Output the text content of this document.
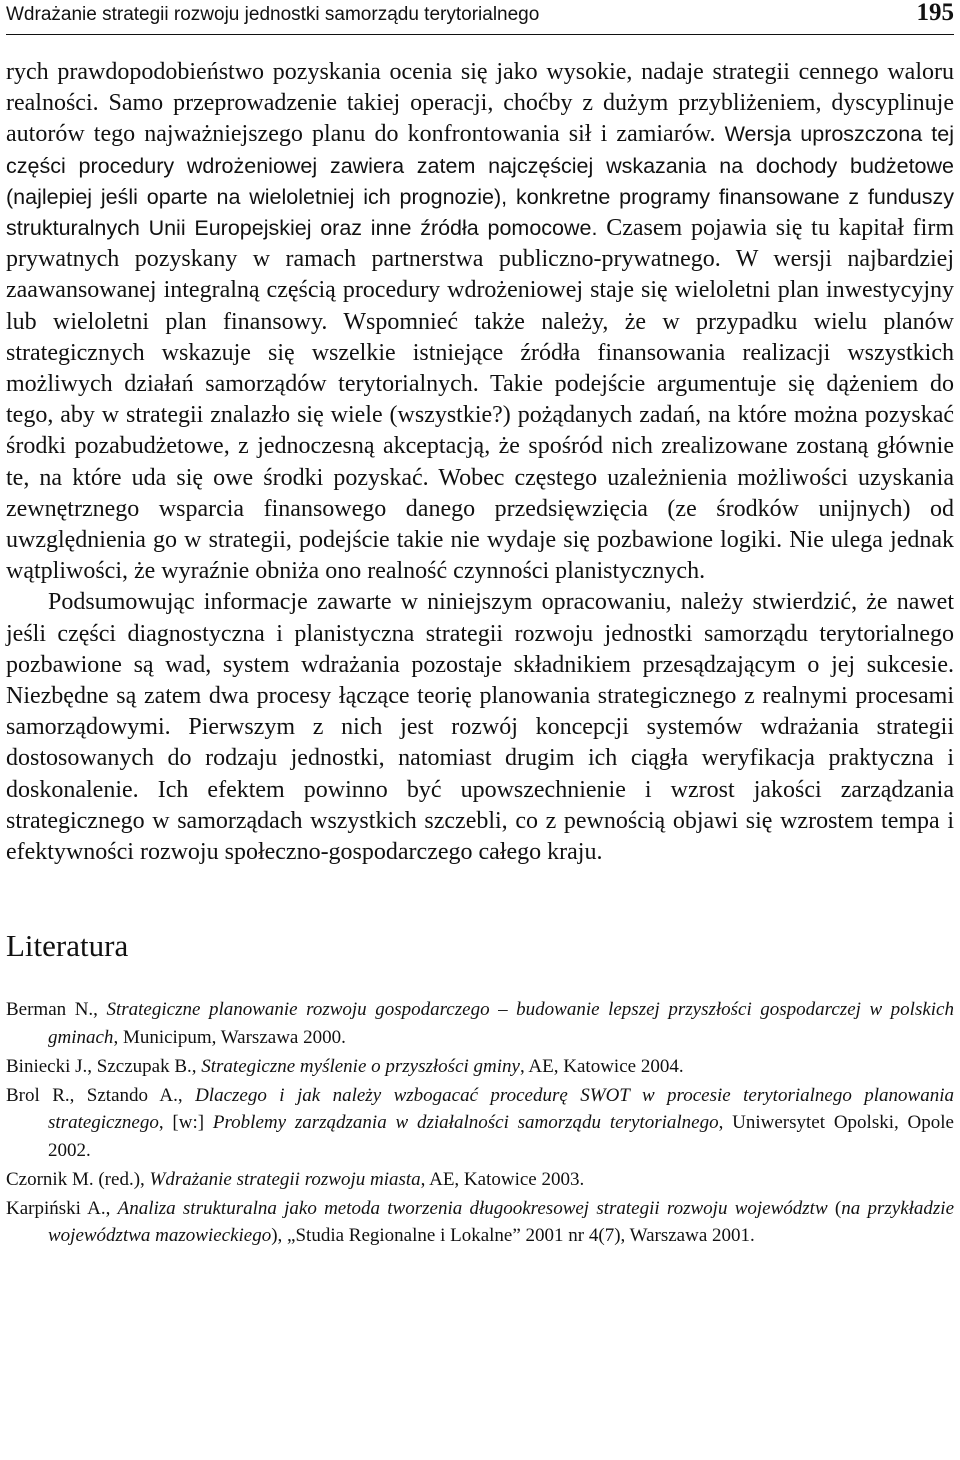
Wdrażanie strategii rozwoju jednostki samorządu terytorialnego	195

rych prawdopodobieństwo pozyskania ocenia się jako wysokie, nadaje strategii cennego waloru realności. Samo przeprowadzenie takiej operacji, choćby z dużym przybliżeniem, dyscyplinuje autorów tego najważniejszego planu do konfrontowania sił i zamiarów. Wersja uproszczona tej części procedury wdrożeniowej zawiera zatem najczęściej wskazania na dochody budżetowe (najlepiej jeśli oparte na wieloletniej ich prognozie), konkretne programy finansowane z funduszy strukturalnych Unii Europejskiej oraz inne źródła pomocowe. Czasem pojawia się tu kapitał firm prywatnych pozyskany w ramach partnerstwa publiczno-prywatnego. W wersji najbardziej zaawansowanej integralną częścią procedury wdrożeniowej staje się wieloletni plan inwestycyjny lub wieloletni plan finansowy. Wspomnieć także należy, że w przypadku wielu planów strategicznych wskazuje się wszelkie istniejące źródła finansowania realizacji wszystkich możliwych działań samorządów terytorialnych. Takie podejście argumentuje się dążeniem do tego, aby w strategii znalazło się wiele (wszystkie?) pożądanych zadań, na które można pozyskać środki pozabudżetowe, z jednoczesną akceptacją, że spośród nich zrealizowane zostaną głównie te, na które uda się owe środki pozyskać. Wobec częstego uzależnienia możliwości uzyskania zewnętrznego wsparcia finansowego danego przedsięwzięcia (ze środków unijnych) od uwzględnienia go w strategii, podejście takie nie wydaje się pozbawione logiki. Nie ulega jednak wątpliwości, że wyraźnie obniża ono realność czynności planistycznych.

Podsumowując informacje zawarte w niniejszym opracowaniu, należy stwierdzić, że nawet jeśli części diagnostyczna i planistyczna strategii rozwoju jednostki samorządu terytorialnego pozbawione są wad, system wdrażania pozostaje składnikiem przesądzającym o jej sukcesie. Niezbędne są zatem dwa procesy łączące teorię planowania strategicznego z realnymi procesami samorządowymi. Pierwszym z nich jest rozwój koncepcji systemów wdrażania strategii dostosowanych do rodzaju jednostki, natomiast drugim ich ciągła weryfikacja praktyczna i doskonalenie. Ich efektem powinno być upowszechnienie i wzrost jakości zarządzania strategicznego w samorządach wszystkich szczebli, co z pewnością objawi się wzrostem tempa i efektywności rozwoju społeczno-gospodarczego całego kraju.

Literatura
Berman N., Strategiczne planowanie rozwoju gospodarczego – budowanie lepszej przyszłości gospodarczej w polskich gminach, Municipum, Warszawa 2000.
Biniecki J., Szczupak B., Strategiczne myślenie o przyszłości gminy, AE, Katowice 2004.
Brol R., Sztando A., Dlaczego i jak należy wzbogacać procedurę SWOT w procesie terytorialnego planowania strategicznego, [w:] Problemy zarządzania w działalności samorządu terytorialnego, Uniwersytet Opolski, Opole 2002.
Czornik M. (red.), Wdrażanie strategii rozwoju miasta, AE, Katowice 2003.
Karpiński A., Analiza strukturalna jako metoda tworzenia długookresowej strategii rozwoju województw (na przykładzie województwa mazowieckiego), „Studia Regionalne i Lokalne” 2001 nr 4(7), Warszawa 2001.
